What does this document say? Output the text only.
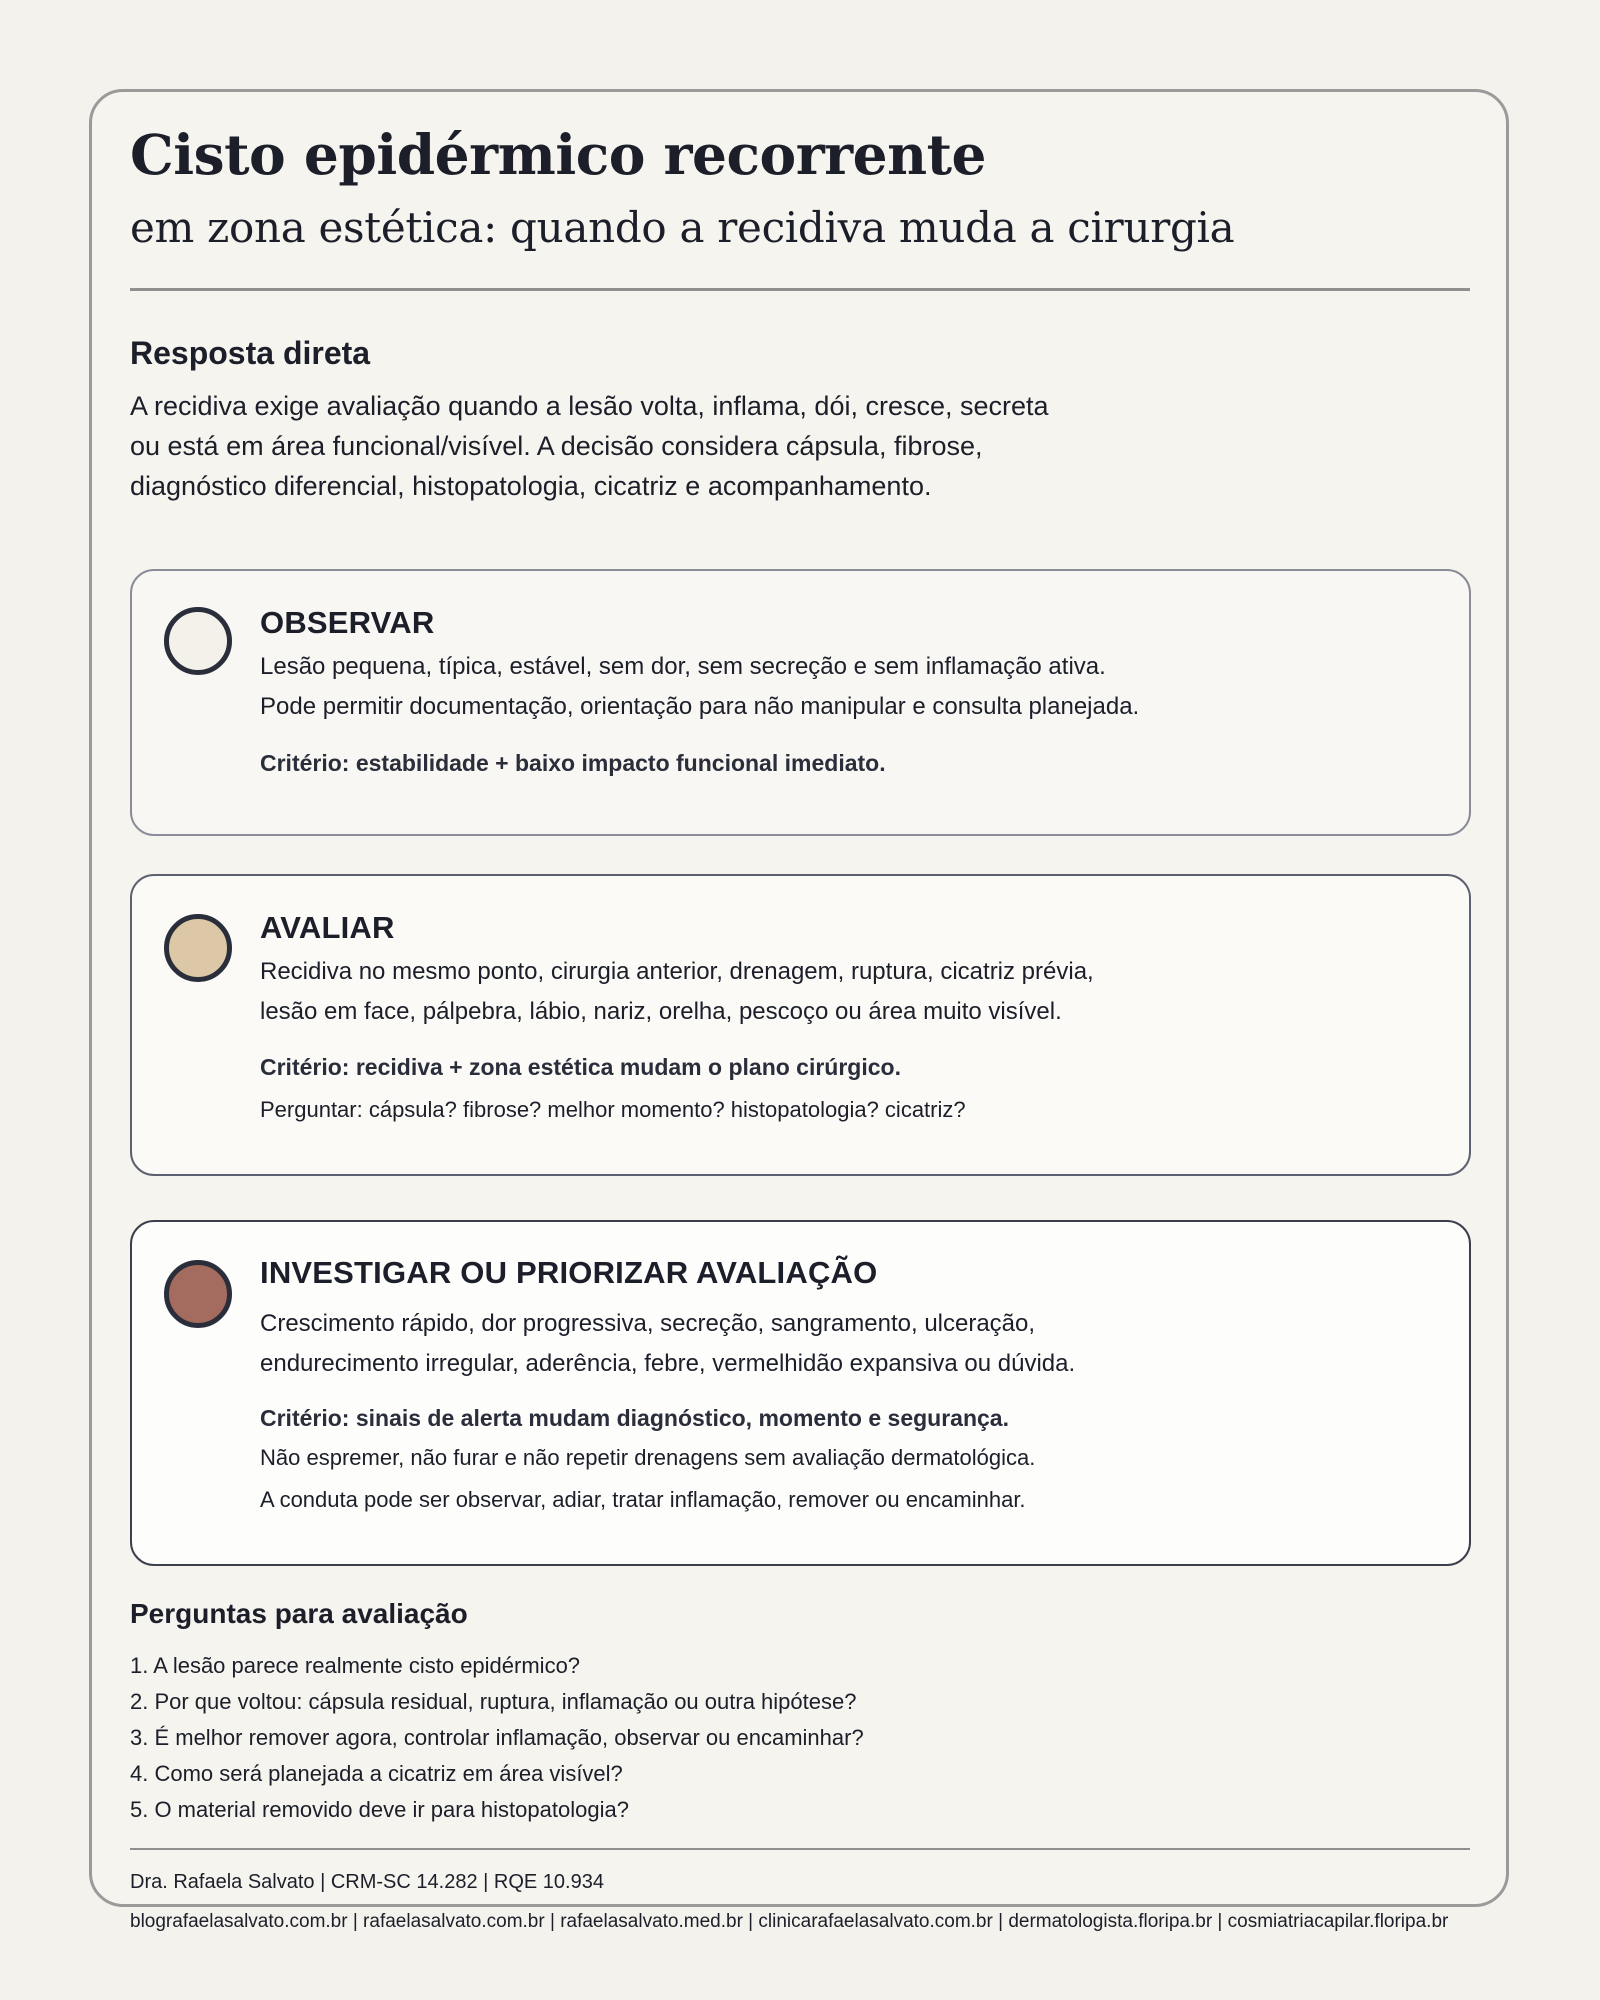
Cisto epidérmico recorrente
em zona estética: quando a recidiva muda a cirurgia
Resposta direta
A recidiva exige avaliação quando a lesão volta, inflama, dói, cresce, secreta
ou está em área funcional/visível. A decisão considera cápsula, fibrose,
diagnóstico diferencial, histopatologia, cicatriz e acompanhamento.
OBSERVAR
Lesão pequena, típica, estável, sem dor, sem secreção e sem inflamação ativa.
Pode permitir documentação, orientação para não manipular e consulta planejada.
Critério: estabilidade + baixo impacto funcional imediato.
AVALIAR
Recidiva no mesmo ponto, cirurgia anterior, drenagem, ruptura, cicatriz prévia,
lesão em face, pálpebra, lábio, nariz, orelha, pescoço ou área muito visível.
Critério: recidiva + zona estética mudam o plano cirúrgico.
Perguntar: cápsula? fibrose? melhor momento? histopatologia? cicatriz?
INVESTIGAR OU PRIORIZAR AVALIAÇÃO
Crescimento rápido, dor progressiva, secreção, sangramento, ulceração,
endurecimento irregular, aderência, febre, vermelhidão expansiva ou dúvida.
Critério: sinais de alerta mudam diagnóstico, momento e segurança.
Não espremer, não furar e não repetir drenagens sem avaliação dermatológica.
A conduta pode ser observar, adiar, tratar inflamação, remover ou encaminhar.
Perguntas para avaliação
1. A lesão parece realmente cisto epidérmico?
2. Por que voltou: cápsula residual, ruptura, inflamação ou outra hipótese?
3. É melhor remover agora, controlar inflamação, observar ou encaminhar?
4. Como será planejada a cicatriz em área visível?
5. O material removido deve ir para histopatologia?
Dra. Rafaela Salvato | CRM-SC 14.282 | RQE 10.934
blografaelasalvato.com.br | rafaelasalvato.com.br | rafaelasalvato.med.br | clinicarafaelasalvato.com.br | dermatologista.floripa.br | cosmiatriacapilar.floripa.br
